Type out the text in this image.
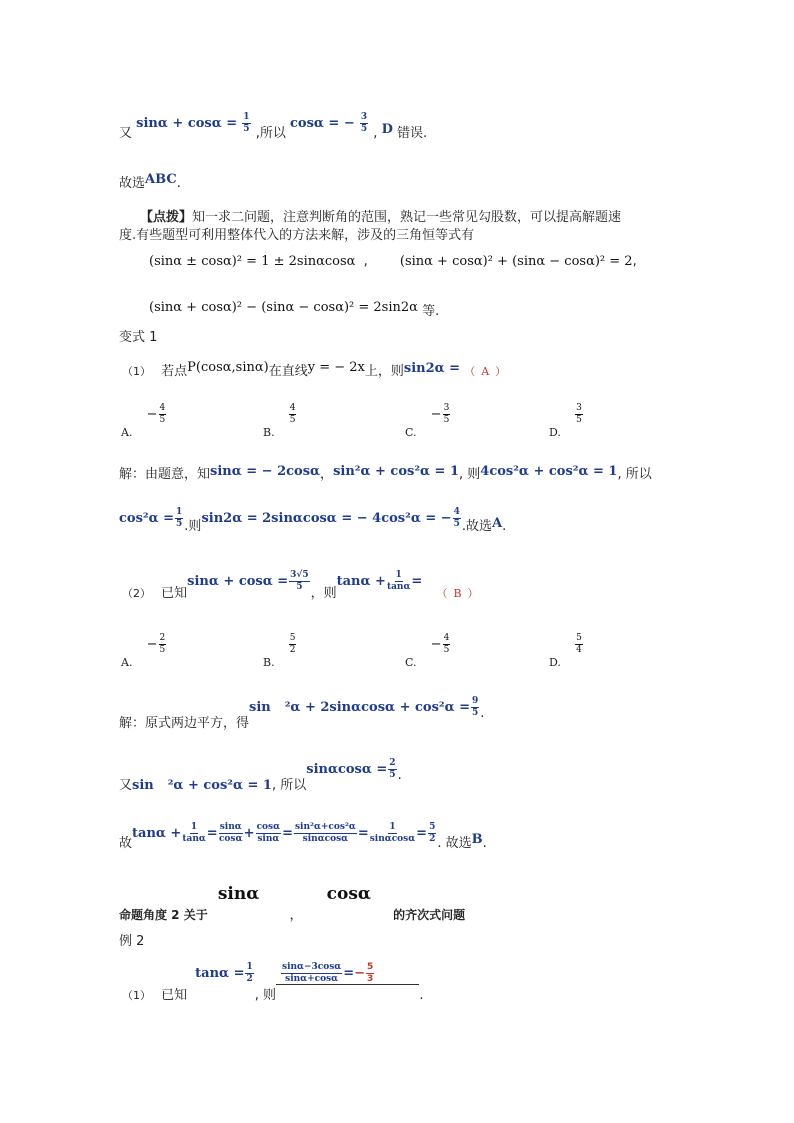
又 $\sin\alpha + \cos\alpha = \frac{1}{5}$ ,所以 cosα = − $\frac{3}{5}$ , D 错误.
故选ABC.
【点拨】知一求二问题，注意判断角的范围，熟记一些常见勾股数，可以提高解题速
度.有些题型可利用整体代入的方法来解，涉及的三角恒等式有
(sinα ± cosα)² = 1 ± 2sinαcosα , (sinα + cosα)² + (sinα − cosα)² = 2,
(sinα + cosα)² − (sinα − cosα)² = 2sin2α 等.
变式 1
（1） 若点P(cosα,sinα)在直线y = − 2x上，则sin2α = （ A ）
$_{A.} - \frac{4}{5}$
$_{B.}$
$\frac{4}{5}$
$_{C.} - \frac{3}{5}$
$_{D.}$
$\frac{3}{5}$
解：由题意，知sinα = − 2cosα，sin²α + cos²α = 1, 则4cos²α + cos²α = 1, 所以
$\cos^2\alpha = \frac{1}{5}$ .则sin2α = 2sinαcosα = − 4cos²α = − $\frac{4}{5}$ .故选A.
$_{(2)}$ 已知$\sin\alpha + \cos\alpha = \frac{3√5}{5}$
，则$\tan\alpha + \frac{1}{\tan\alpha} = _($ $_B$ $_)$
$_{A.} - \frac{2}{5}$
$_{B.}$
$\frac{5}{2}$
$_{C.} - \frac{4}{5}$
$_{D.}$
$\frac{5}{4}$
解：原式两边平方，得$\sin ^2\alpha + 2\sin\alpha\cos\alpha + \cos^2\alpha = \frac{9}{5}$ .
又sin ²α + cos²α = 1, 所以$\sin\alpha\cos\alpha = \frac{2}{5}$ .
故$\tan\alpha + \frac{1}{\tan\alpha} = \frac{\sin\alpha}{\cos\alpha} + \frac{\cos\alpha}{\sin\alpha} = \frac{\text{sin²α+cos²α}}{\sin\alpha\cos\alpha} = \frac{1}{\sin\alpha\cos\alpha} = \frac{5}{2}$ . 故选B.
命题角度 2 关于 sinα ， cosα 的齐次式问题
例 2
$_{(1)}$ 已知$\tan\alpha = \frac{1}{2}$
, 则
$\frac{\sin\alpha-3\cos\alpha}{\sin\alpha+\cos\alpha} =- \frac{5}{3}$
.
